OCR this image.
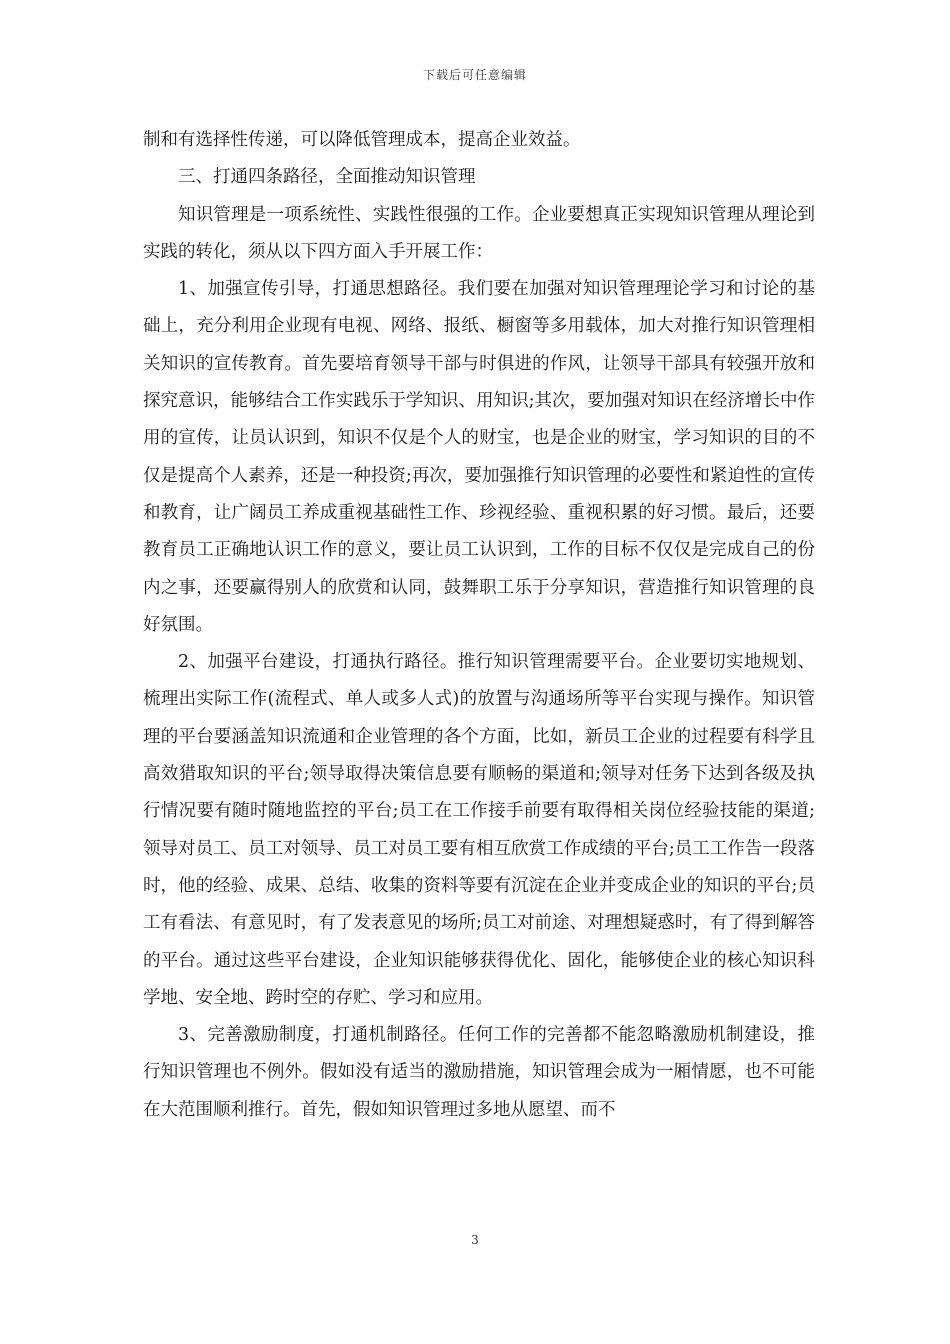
下载后可任意编辑

制和有选择性传递，可以降低管理成本，提高企业效益。

三、打通四条路径，全面推动知识管理

知识管理是一项系统性、实践性很强的工作。企业要想真正实现知识管理从理论到实践的转化，须从以下四方面入手开展工作：

1、加强宣传引导，打通思想路径。我们要在加强对知识管理理论学习和讨论的基础上，充分利用企业现有电视、网络、报纸、橱窗等多用载体，加大对推行知识管理相关知识的宣传教育。首先要培育领导干部与时俱进的作风，让领导干部具有较强开放和探究意识，能够结合工作实践乐于学知识、用知识;其次，要加强对知识在经济增长中作用的宣传，让员认识到，知识不仅是个人的财宝，也是企业的财宝，学习知识的目的不仅是提高个人素养，还是一种投资;再次，要加强推行知识管理的必要性和紧迫性的宣传和教育，让广阔员工养成重视基础性工作、珍视经验、重视积累的好习惯。最后，还要教育员工正确地认识工作的意义，要让员工认识到，工作的目标不仅仅是完成自己的份内之事，还要赢得别人的欣赏和认同，鼓舞职工乐于分享知识，营造推行知识管理的良好氛围。

2、加强平台建设，打通执行路径。推行知识管理需要平台。企业要切实地规划、梳理出实际工作(流程式、单人或多人式)的放置与沟通场所等平台实现与操作。知识管理的平台要涵盖知识流通和企业管理的各个方面，比如，新员工企业的过程要有科学且高效猎取知识的平台;领导取得决策信息要有顺畅的渠道和;领导对任务下达到各级及执行情况要有随时随地监控的平台;员工在工作接手前要有取得相关岗位经验技能的渠道;领导对员工、员工对领导、员工对员工要有相互欣赏工作成绩的平台;员工工作告一段落时，他的经验、成果、总结、收集的资料等要有沉淀在企业并变成企业的知识的平台;员工有看法、有意见时，有了发表意见的场所;员工对前途、对理想疑惑时，有了得到解答的平台。通过这些平台建设，企业知识能够获得优化、固化，能够使企业的核心知识科学地、安全地、跨时空的存贮、学习和应用。

3、完善激励制度，打通机制路径。任何工作的完善都不能忽略激励机制建设，推行知识管理也不例外。假如没有适当的激励措施，知识管理会成为一厢情愿，也不可能在大范围顺利推行。首先，假如知识管理过多地从愿望、而不

3
